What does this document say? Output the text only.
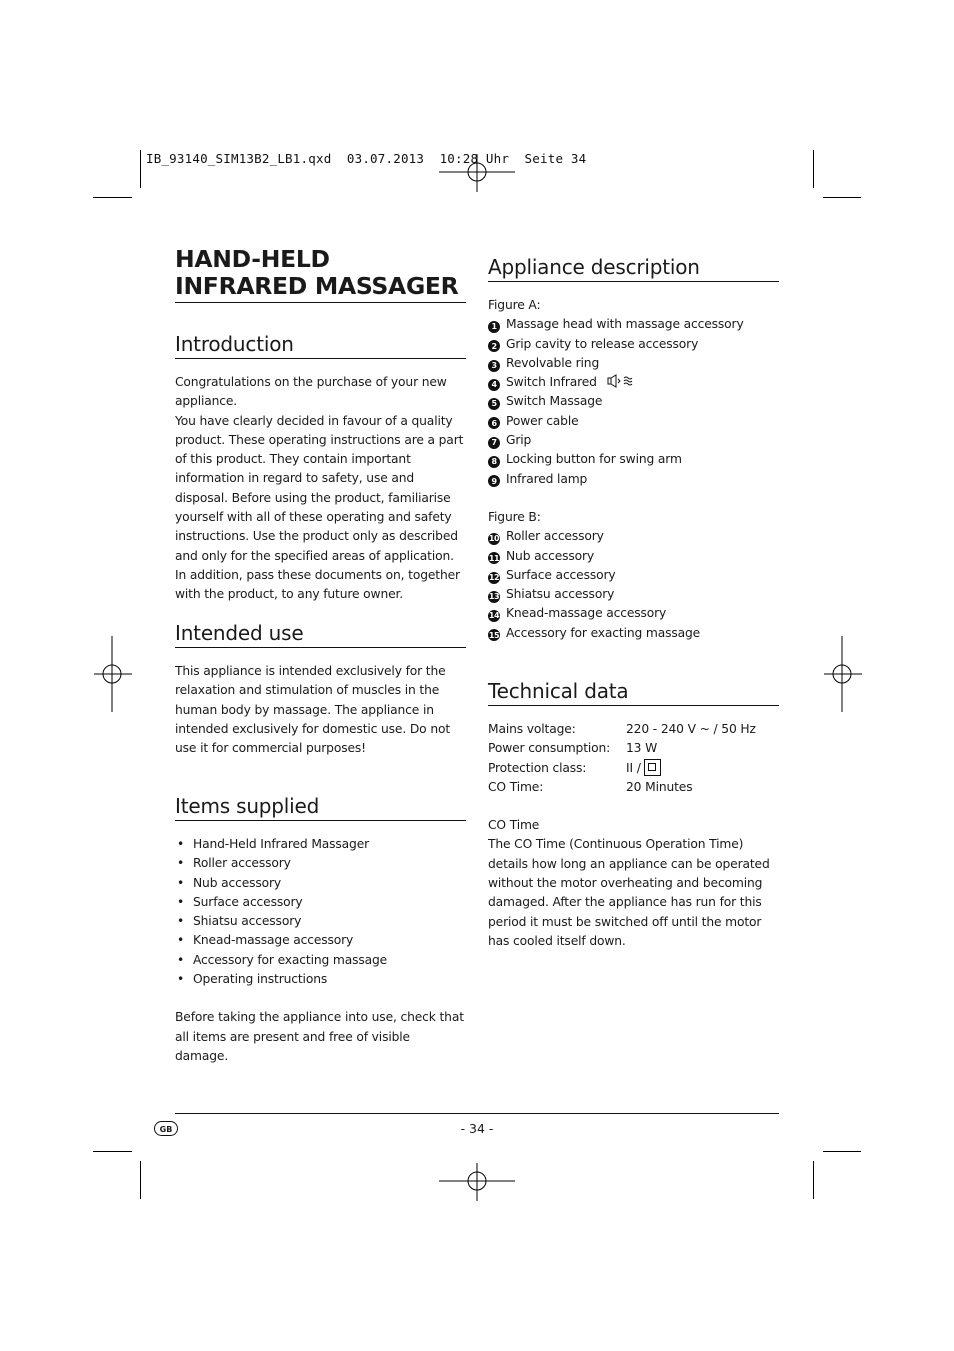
IB_93140_SIM13B2_LB1.qxd  03.07.2013  10:28 Uhr  Seite 34
HAND-HELD INFRARED MASSAGER
Introduction

Congratulations on the purchase of your new appliance.

You have clearly decided in favour of a quality product. These operating instructions are a part of this product. They contain important information in regard to safety, use and disposal. Before using the product, familiarise yourself with all of these operating and safety instructions. Use the product only as described and only for the specified areas of application. In addition, pass these documents on, together with the product, to any future owner.

Intended use

This appliance is intended exclusively for the relaxation and stimulation of muscles in the human body by massage. The appliance in intended exclusively for domestic use. Do not use it for commercial purposes!

Items supplied
• Hand-Held Infrared Massager
• Roller accessory
• Nub accessory
• Surface accessory
• Shiatsu accessory
• Knead-massage accessory
• Accessory for exacting massage
• Operating instructions

Before taking the appliance into use, check that all items are present and free of visible damage.

Appliance description

Figure A:

1 Massage head with massage accessory
2 Grip cavity to release accessory
3 Revolvable ring
4 Switch Infrared
5 Switch Massage
6 Power cable
7 Grip
8 Locking button for swing arm
9 Infrared lamp

Figure B:

10 Roller accessory
11 Nub accessory
12 Surface accessory
13 Shiatsu accessory
14 Knead-massage accessory
15 Accessory for exacting massage
Technical data
Mains voltage:	220 - 240 V ~ / 50 Hz
Power consumption: 13 W
Protection class:	II /
CO Time:	20 Minutes

CO Time

The CO Time (Continuous Operation Time) details how long an appliance can be operated without the motor overheating and becoming damaged. After the appliance has run for this period it must be switched off until the motor has cooled itself down.

GB	- 34 -
